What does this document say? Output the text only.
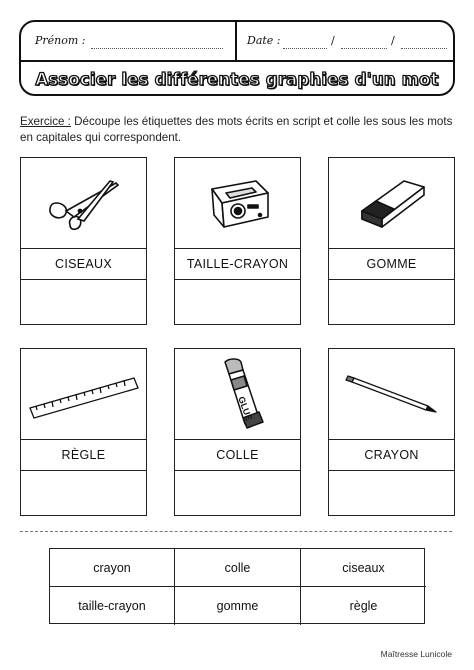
Prénom :	Date :	/	/
Associer les différentes graphies d'un mot
Exercice : Découpe les étiquettes des mots écrits en script et colle les sous les mots en capitales qui correspondent.
CISEAUX	TAILLE-CRAYON	GOMME
RÈGLE
GLUE
COLLE	CRAYON
crayon	colle	ciseaux
taille-crayon	gomme	règle
Maîtresse Lunicole
